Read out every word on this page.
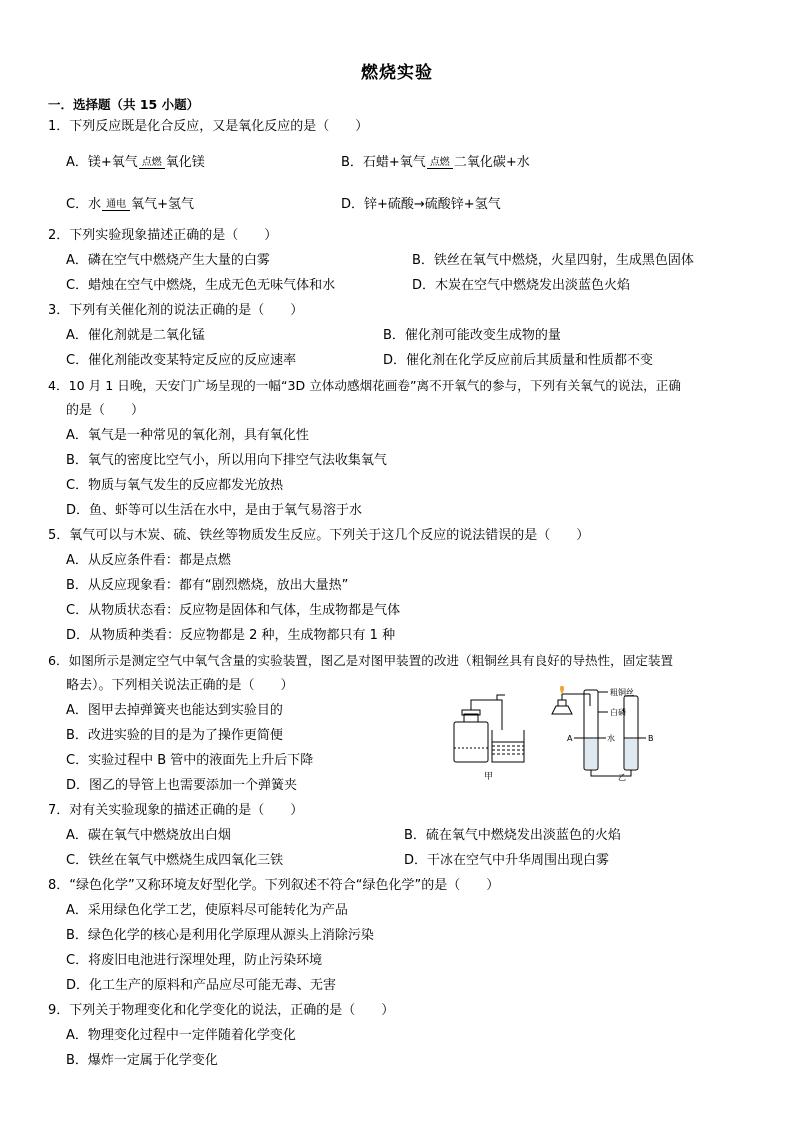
燃烧实验
一．选择题（共 15 小题）
1．下列反应既是化合反应，又是氧化反应的是（　　）
A．镁+氧气 点燃 氧化镁	B．石蜡+氧气 点燃 二氧化碳+水
C．水 通电 氧气+氢气	D．锌+硫酸→硫酸锌+氢气
2．下列实验现象描述正确的是（　　）
A．磷在空气中燃烧产生大量的白雾	B．铁丝在氧气中燃烧，火星四射，生成黑色固体
C．蜡烛在空气中燃烧，生成无色无味气体和水	D．木炭在空气中燃烧发出淡蓝色火焰
3．下列有关催化剂的说法正确的是（　　）
A．催化剂就是二氧化锰	B．催化剂可能改变生成物的量
C．催化剂能改变某特定反应的反应速率	D．催化剂在化学反应前后其质量和性质都不变
4．10 月 1 日晚，天安门广场呈现的一幅“3D 立体动感烟花画卷”离不开氧气的参与，下列有关氧气的说法，正确
的是（　　）
A．氧气是一种常见的氧化剂，具有氧化性
B．氧气的密度比空气小，所以用向下排空气法收集氧气
C．物质与氧气发生的反应都发光放热
D．鱼、虾等可以生活在水中，是由于氧气易溶于水
5．氧气可以与木炭、硫、铁丝等物质发生反应。下列关于这几个反应的说法错误的是（　　）
A．从反应条件看：都是点燃
B．从反应现象看：都有“剧烈燃烧，放出大量热”
C．从物质状态看：反应物是固体和气体，生成物都是气体
D．从物质种类看：反应物都是 2 种，生成物都只有 1 种
6．如图所示是测定空气中氧气含量的实验装置，图乙是对图甲装置的改进（粗铜丝具有良好的导热性，固定装置
略去）。下列相关说法正确的是（　　）
A．图甲去掉弹簧夹也能达到实验目的
B．改进实验的目的是为了操作更简便
C．实验过程中 B 管中的液面先上升后下降
D．图乙的导管上也需要添加一个弹簧夹
甲
粗铜丝
白磷
水
A	B
乙
7．对有关实验现象的描述正确的是（　　）
A．碳在氧气中燃烧放出白烟	B．硫在氧气中燃烧发出淡蓝色的火焰
C．铁丝在氧气中燃烧生成四氧化三铁	D．干冰在空气中升华周围出现白雾
8．“绿色化学”又称环境友好型化学。下列叙述不符合“绿色化学”的是（　　）
A．采用绿色化学工艺，使原料尽可能转化为产品
B．绿色化学的核心是利用化学原理从源头上消除污染
C．将废旧电池进行深埋处理，防止污染环境
D．化工生产的原料和产品应尽可能无毒、无害
9．下列关于物理变化和化学变化的说法，正确的是（　　）
A．物理变化过程中一定伴随着化学变化
B．爆炸一定属于化学变化
